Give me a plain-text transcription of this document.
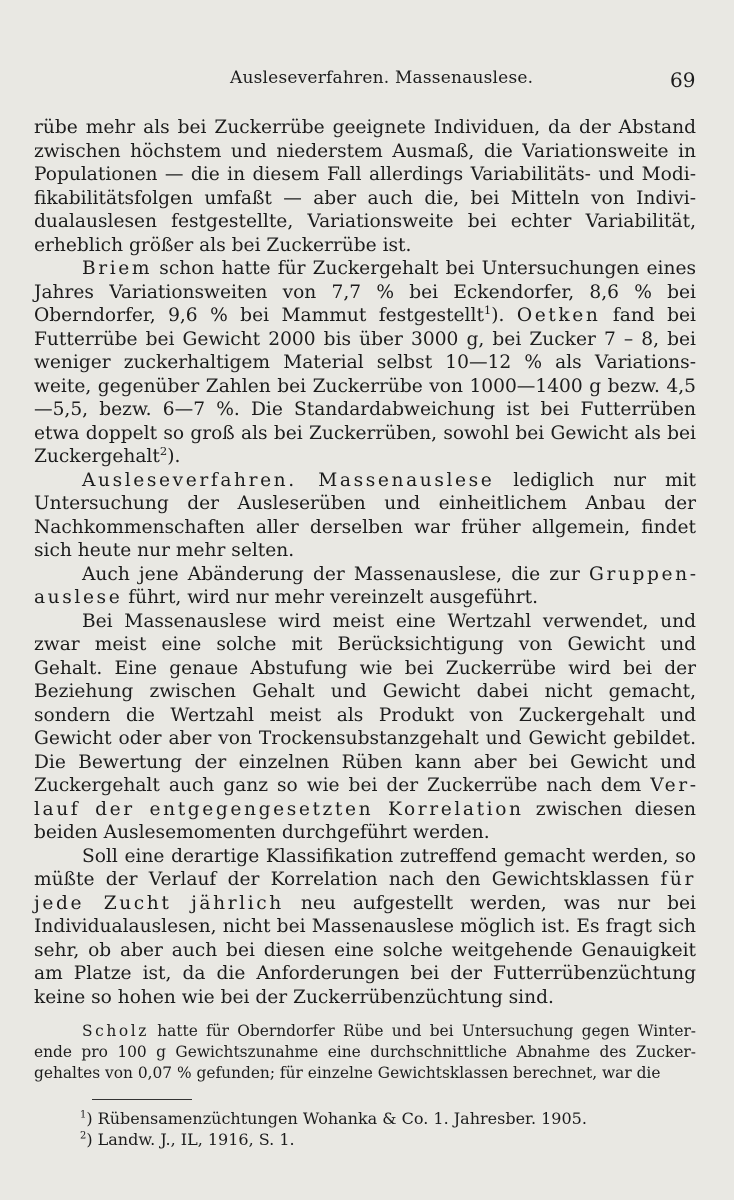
Ausleseverfahren. Massenauslese.	69

rübe mehr als bei Zuckerrübe geeignete Individuen, da der Abstand zwischen höchstem und niederstem Ausmaß, die Variationsweite in Populationen — die in diesem Fall allerdings Variabilitäts- und Modifikabilitätsfolgen umfaßt — aber auch die, bei Mitteln von Individualauslesen festgestellte, Variationsweite bei echter Variabilität, erheblich größer als bei Zuckerrübe ist.

Briem schon hatte für Zuckergehalt bei Untersuchungen eines Jahres Variationsweiten von 7,7 % bei Eckendorfer, 8,6 % bei Oberndorfer, 9,6 % bei Mammut festgestellt$^1$). Oetken fand bei Futterrübe bei Gewicht 2000 bis über 3000 g, bei Zucker 7 – 8, bei weniger zuckerhaltigem Material selbst 10—12 % als Variationsweite, gegenüber Zahlen bei Zuckerrübe von 1000—1400 g bezw. 4,5—5,5, bezw. 6—7 %. Die Standardabweichung ist bei Futterrüben etwa doppelt so groß als bei Zuckerrüben, sowohl bei Gewicht als bei Zuckergehalt$^2$).

Ausleseverfahren. Massenauslese lediglich nur mit Untersuchung der Ausleserüben und einheitlichem Anbau der Nachkommenschaften aller derselben war früher allgemein, findet sich heute nur mehr selten.

Auch jene Abänderung der Massenauslese, die zur Gruppenauslese führt, wird nur mehr vereinzelt ausgeführt.

Bei Massenauslese wird meist eine Wertzahl verwendet, und zwar meist eine solche mit Berücksichtigung von Gewicht und Gehalt. Eine genaue Abstufung wie bei Zuckerrübe wird bei der Beziehung zwischen Gehalt und Gewicht dabei nicht gemacht, sondern die Wertzahl meist als Produkt von Zuckergehalt und Gewicht oder aber von Trockensubstanzgehalt und Gewicht gebildet. Die Bewertung der einzelnen Rüben kann aber bei Gewicht und Zuckergehalt auch ganz so wie bei der Zuckerrübe nach dem Verlauf der entgegengesetzten Korrelation zwischen diesen beiden Auslesemomenten durchgeführt werden.

Soll eine derartige Klassifikation zutreffend gemacht werden, so müßte der Verlauf der Korrelation nach den Gewichtsklassen für jede Zucht jährlich neu aufgestellt werden, was nur bei Individualauslesen, nicht bei Massenauslese möglich ist. Es fragt sich sehr, ob aber auch bei diesen eine solche weitgehende Genauigkeit am Platze ist, da die Anforderungen bei der Futterrübenzüchtung keine so hohen wie bei der Zuckerrübenzüchtung sind.

Scholz hatte für Oberndorfer Rübe und bei Untersuchung gegen Winterende pro 100 g Gewichtszunahme eine durchschnittliche Abnahme des Zuckergehaltes von 0,07 % gefunden; für einzelne Gewichtsklassen berechnet, war die

$^1$) Rübensamenzüchtungen Wohanka & Co. 1. Jahresber. 1905.
$^2$) Landw. J., IL, 1916, S. 1.
